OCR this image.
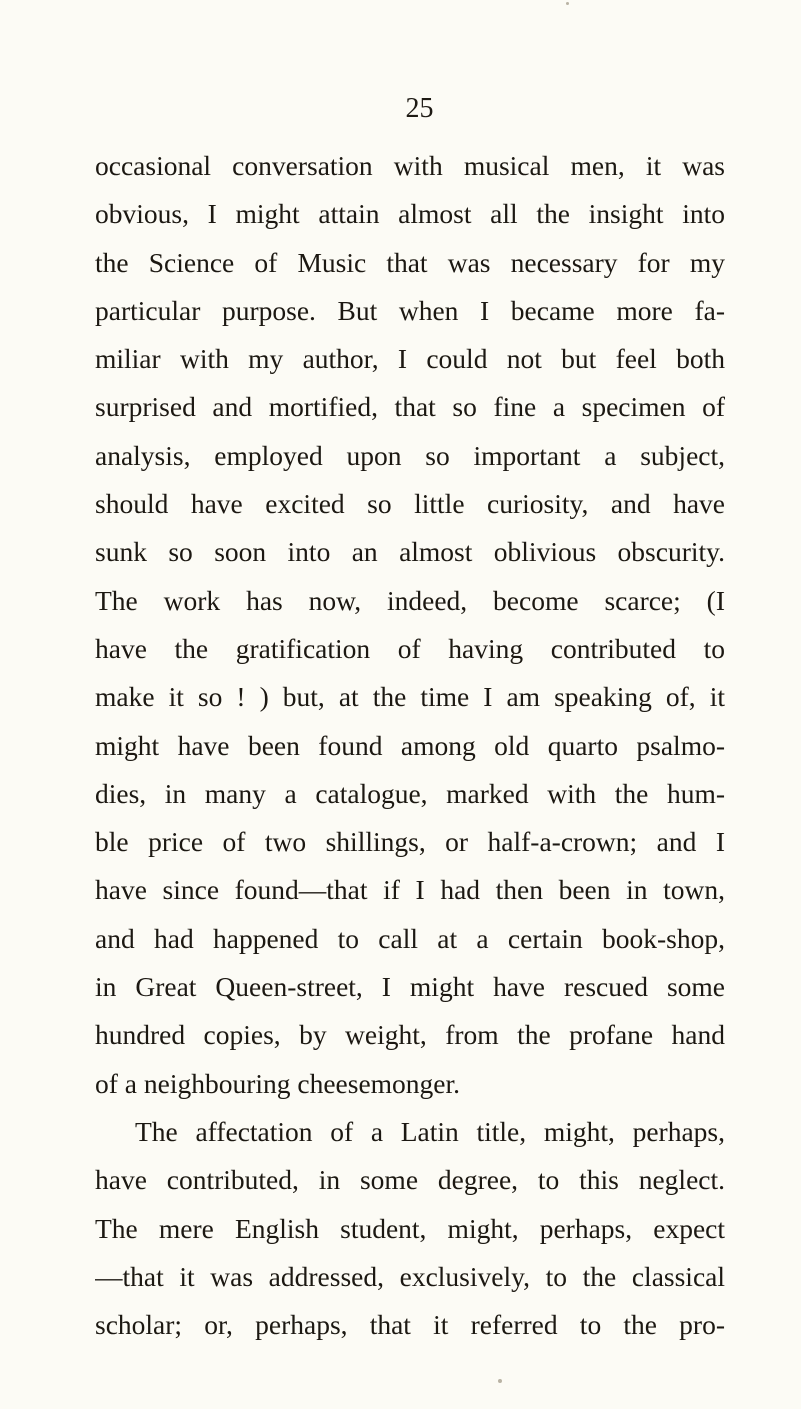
25
occasional conversation with musical men, it was
obvious, I might attain almost all the insight into
the Science of Music that was necessary for my
particular purpose. But when I became more fa-
miliar with my author, I could not but feel both
surprised and mortified, that so fine a specimen of
analysis, employed upon so important a subject,
should have excited so little curiosity, and have
sunk so soon into an almost oblivious obscurity.
The work has now, indeed, become scarce; (I
have the gratification of having contributed to
make it so ! ) but, at the time I am speaking of, it
might have been found among old quarto psalmo-
dies, in many a catalogue, marked with the hum-
ble price of two shillings, or half-a-crown; and I
have since found—that if I had then been in town,
and had happened to call at a certain book-shop,
in Great Queen-street, I might have rescued some
hundred copies, by weight, from the profane hand
of a neighbouring cheesemonger.
The affectation of a Latin title, might, perhaps,
have contributed, in some degree, to this neglect.
The mere English student, might, perhaps, expect
—that it was addressed, exclusively, to the classical
scholar; or, perhaps, that it referred to the pro-
